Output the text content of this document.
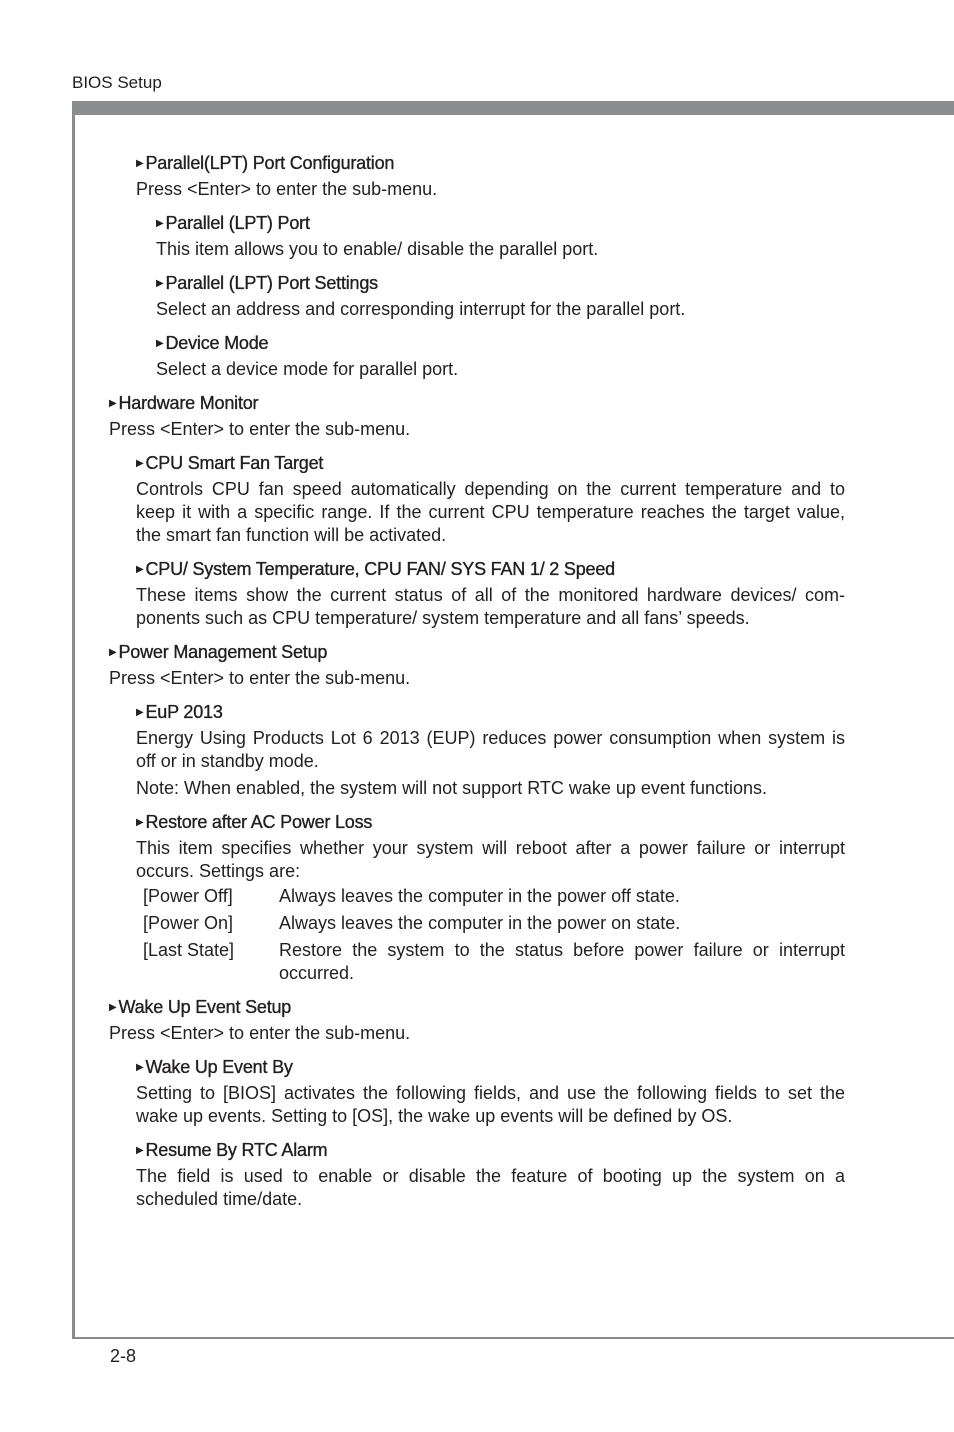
BIOS Setup
2-8
▶ Parallel(LPT) Port Configuration
Press <Enter> to enter the sub-menu.
▶ Parallel (LPT) Port
This item allows you to enable/ disable the parallel port.
▶ Parallel (LPT) Port Settings
Select an address and corresponding interrupt for the parallel port.
▶ Device Mode
Select a device mode for parallel port.
▶ Hardware Monitor
Press <Enter> to enter the sub-menu.
▶ CPU Smart Fan Target
Controls CPU fan speed automatically depending on the current temperature and to keep it with a specific range. If the current CPU temperature reaches the target value, the smart fan function will be activated.
▶ CPU/ System Temperature, CPU FAN/ SYS FAN 1/ 2 Speed
These items show the current status of all of the monitored hardware devices/ com-ponents such as CPU temperature/ system temperature and all fans’ speeds.
▶ Power Management Setup
Press <Enter> to enter the sub-menu.
▶ EuP 2013
Energy Using Products Lot 6 2013 (EUP) reduces power consumption when system is off or in standby mode.
Note: When enabled, the system will not support RTC wake up event functions.
▶ Restore after AC Power Loss
This item specifies whether your system will reboot after a power failure or interrupt occurs. Settings are:
[Power Off]	Always leaves the computer in the power off state.
[Power On]	Always leaves the computer in the power on state.
[Last State]	Restore the system to the status before power failure or interrupt occurred.
▶ Wake Up Event Setup
Press <Enter> to enter the sub-menu.
▶ Wake Up Event By
Setting to [BIOS] activates the following fields, and use the following fields to set the wake up events. Setting to [OS], the wake up events will be defined by OS.
▶ Resume By RTC Alarm
The field is used to enable or disable the feature of booting up the system on a scheduled time/date.
